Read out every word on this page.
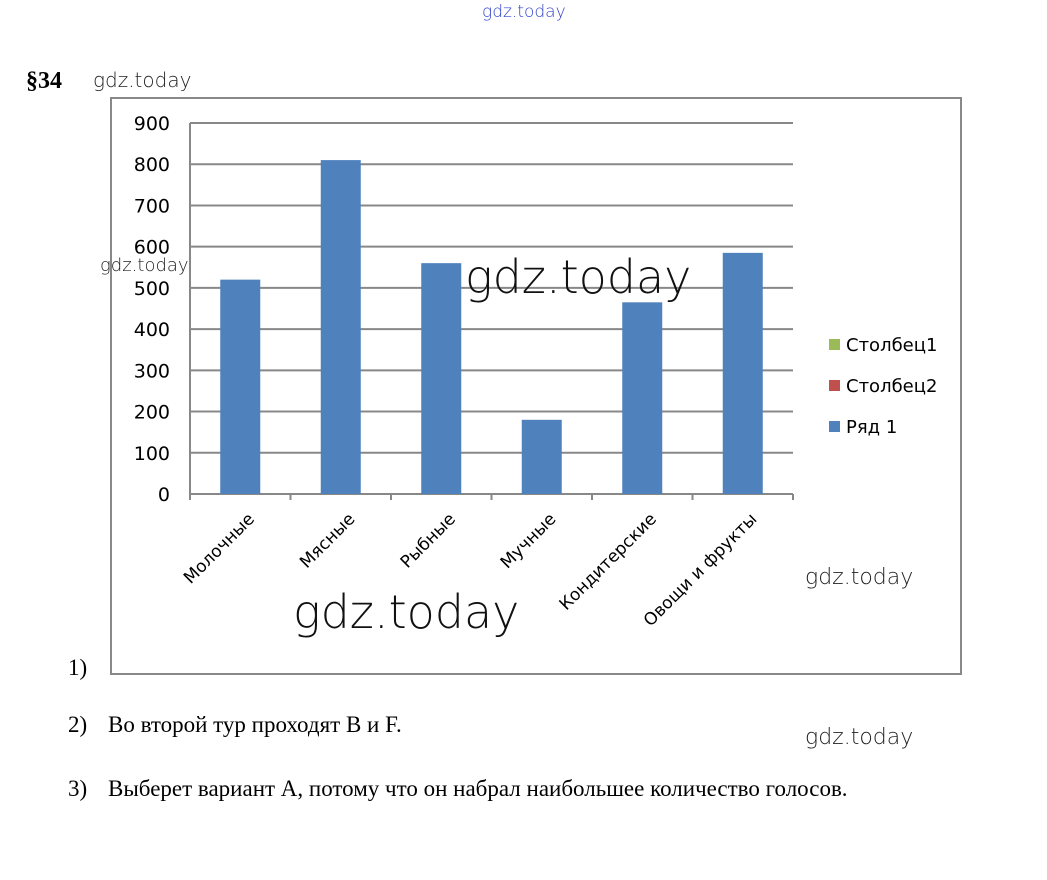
gdz.today
§34 gdz.today
0
100
200
300
400
500
600
700
800
900
Молочные Мясные Рыбные Мучные
Кондитерские
Овощи и фрукты
Столбец1
Столбец2
Ряд 1
gdz.today	gdz.today
gdz.today
gdz.today
gdz.today
1)
2) Во второй тур проходят B и F.
3) Выберет вариант А, потому что он набрал наибольшее количество голосов.
